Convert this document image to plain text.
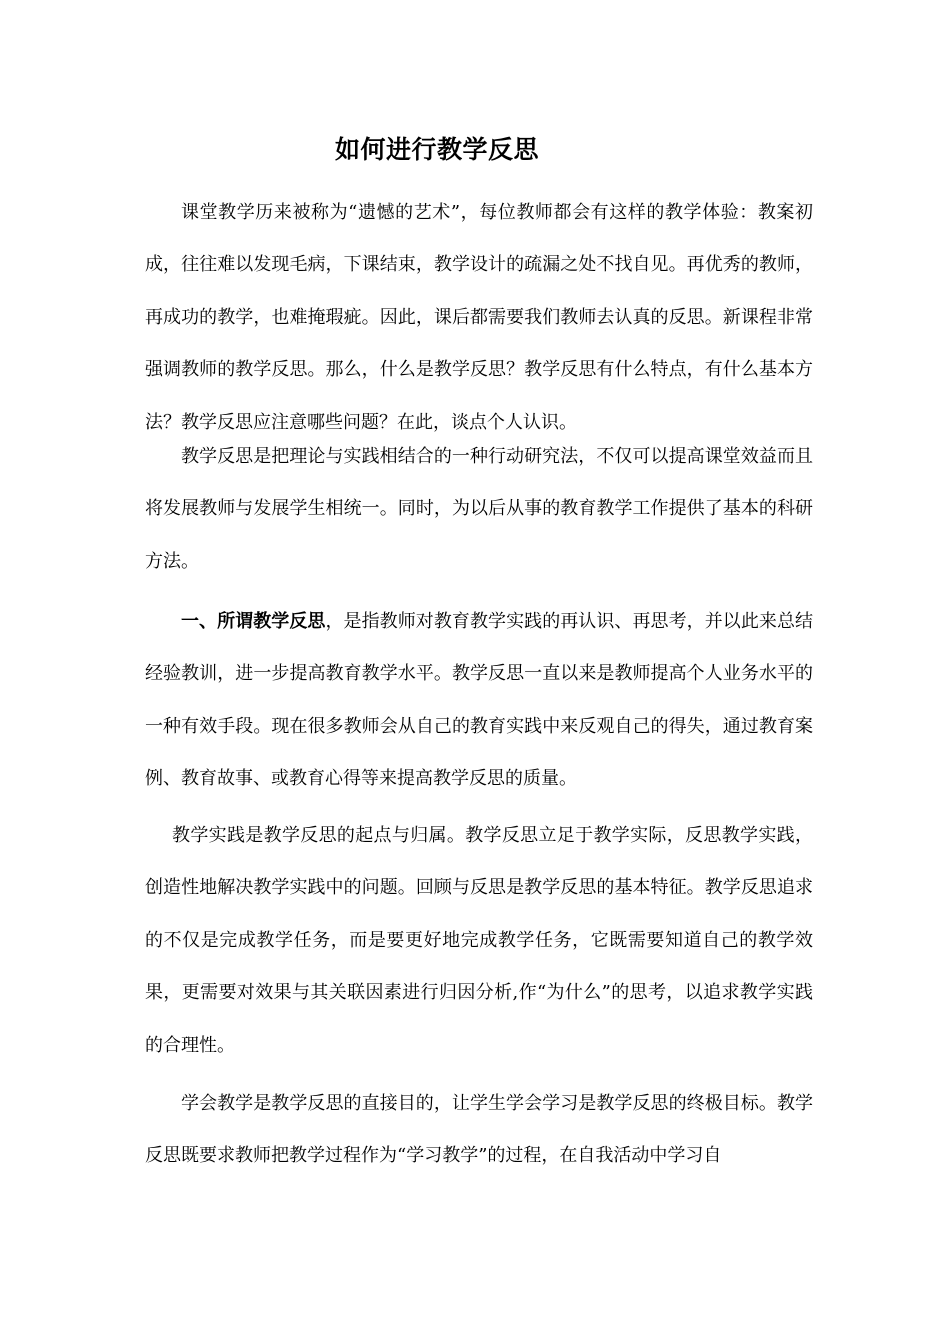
如何进行教学反思

课堂教学历来被称为“遗憾的艺术”，每位教师都会有这样的教学体验：教案初成，往往难以发现毛病，下课结束，教学设计的疏漏之处不找自见。再优秀的教师，再成功的教学，也难掩瑕疵。因此，课后都需要我们教师去认真的反思。新课程非常强调教师的教学反思。那么，什么是教学反思？教学反思有什么特点，有什么基本方法？教学反思应注意哪些问题？在此，谈点个人认识。

教学反思是把理论与实践相结合的一种行动研究法，不仅可以提高课堂效益而且将发展教师与发展学生相统一。同时，为以后从事的教育教学工作提供了基本的科研方法。

一、所谓教学反思，是指教师对教育教学实践的再认识、再思考，并以此来总结经验教训，进一步提高教育教学水平。教学反思一直以来是教师提高个人业务水平的一种有效手段。现在很多教师会从自己的教育实践中来反观自己的得失，通过教育案例、教育故事、或教育心得等来提高教学反思的质量。

教学实践是教学反思的起点与归属。教学反思立足于教学实际，反思教学实践，创造性地解决教学实践中的问题。回顾与反思是教学反思的基本特征。教学反思追求的不仅是完成教学任务，而是要更好地完成教学任务，它既需要知道自己的教学效果，更需要对效果与其关联因素进行归因分析,作“为什么”的思考，以追求教学实践的合理性。

学会教学是教学反思的直接目的，让学生学会学习是教学反思的终极目标。教学反思既要求教师把教学过程作为“学习教学”的过程，在自我活动中学习自
